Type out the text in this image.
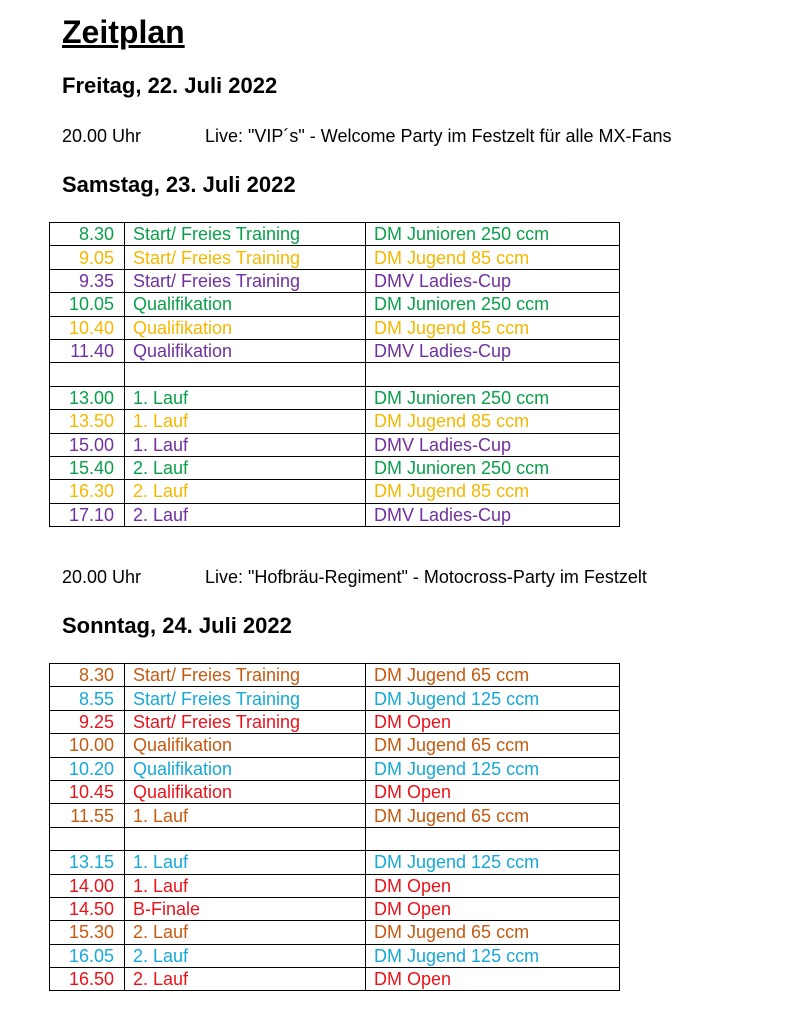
Zeitplan
Freitag, 22. Juli 2022
20.00 Uhr	Live: "VIP´s" - Welcome Party im Festzelt für alle MX-Fans
Samstag, 23. Juli 2022
8.30	Start/ Freies Training	DM Junioren 250 ccm
9.05	Start/ Freies Training	DM Jugend 85 ccm
9.35	Start/ Freies Training	DMV Ladies-Cup
10.05	Qualifikation	DM Junioren 250 ccm
10.40	Qualifikation	DM Jugend 85 ccm
11.40	Qualifikation	DMV Ladies-Cup

13.00	1. Lauf	DM Junioren 250 ccm
13.50	1. Lauf	DM Jugend 85 ccm
15.00	1. Lauf	DMV Ladies-Cup
15.40	2. Lauf	DM Junioren 250 ccm
16.30	2. Lauf	DM Jugend 85 ccm
17.10	2. Lauf	DMV Ladies-Cup
20.00 Uhr	Live: "Hofbräu-Regiment" - Motocross-Party im Festzelt
Sonntag, 24. Juli 2022
8.30	Start/ Freies Training	DM Jugend 65 ccm
8.55	Start/ Freies Training	DM Jugend 125 ccm
9.25	Start/ Freies Training	DM Open
10.00	Qualifikation	DM Jugend 65 ccm
10.20	Qualifikation	DM Jugend 125 ccm
10.45	Qualifikation	DM Open
11.55	1. Lauf	DM Jugend 65 ccm

13.15	1. Lauf	DM Jugend 125 ccm
14.00	1. Lauf	DM Open
14.50	B-Finale	DM Open
15.30	2. Lauf	DM Jugend 65 ccm
16.05	2. Lauf	DM Jugend 125 ccm
16.50	2. Lauf	DM Open
